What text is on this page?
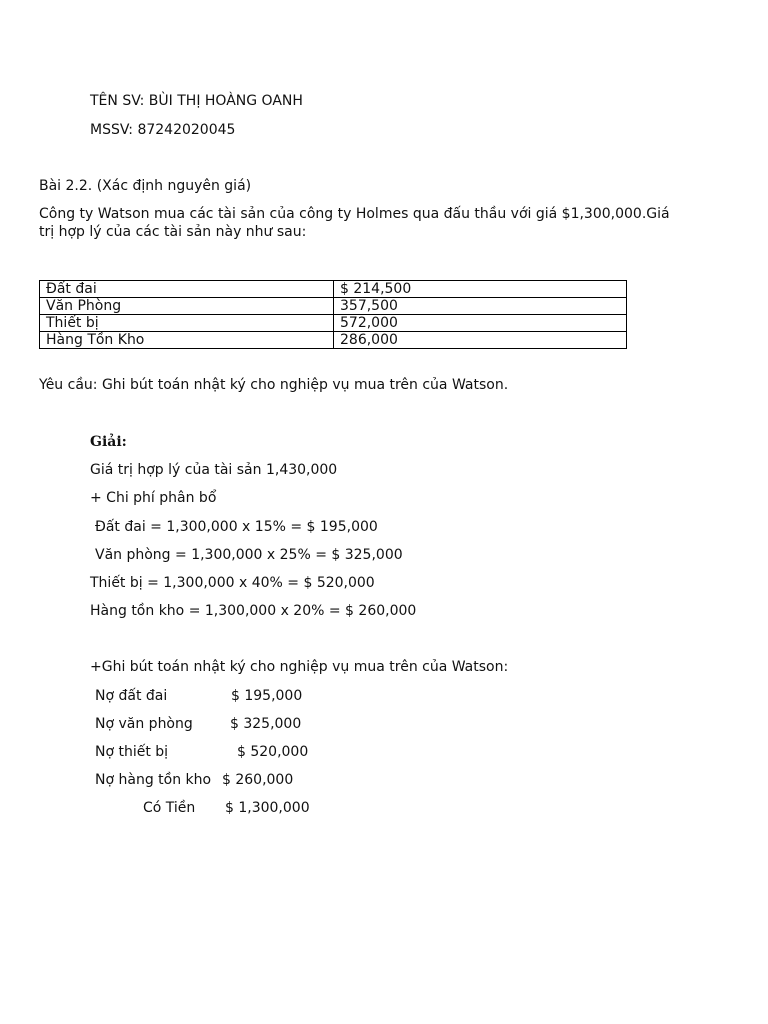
TÊN SV: BÙI THỊ HOÀNG OANH
MSSV: 87242020045
Bài 2.2. (Xác định nguyên giá)
Công ty Watson mua các tài sản của công ty Holmes qua đấu thầu với giá $1,300,000.Giá trị hợp lý của các tài sản này như sau:
Đất đai	$ 214,500
Văn Phòng	357,500
Thiết bị	572,000
Hàng Tồn Kho	286,000
Yêu cầu: Ghi bút toán nhật ký cho nghiệp vụ mua trên của Watson.
Giải:
Giá trị hợp lý của tài sản 1,430,000
+ Chi phí phân bổ
Đất đai = 1,300,000 x 15% = $ 195,000
Văn phòng = 1,300,000 x 25% = $ 325,000
Thiết bị = 1,300,000 x 40% = $ 520,000
Hàng tồn kho = 1,300,000 x 20% = $ 260,000
+Ghi bút toán nhật ký cho nghiệp vụ mua trên của Watson:
Nợ đất đai	$ 195,000
Nợ văn phòng	$ 325,000
Nợ thiết bị	$ 520,000
Nợ hàng tồn kho $ 260,000
Có Tiền $ 1,300,000
